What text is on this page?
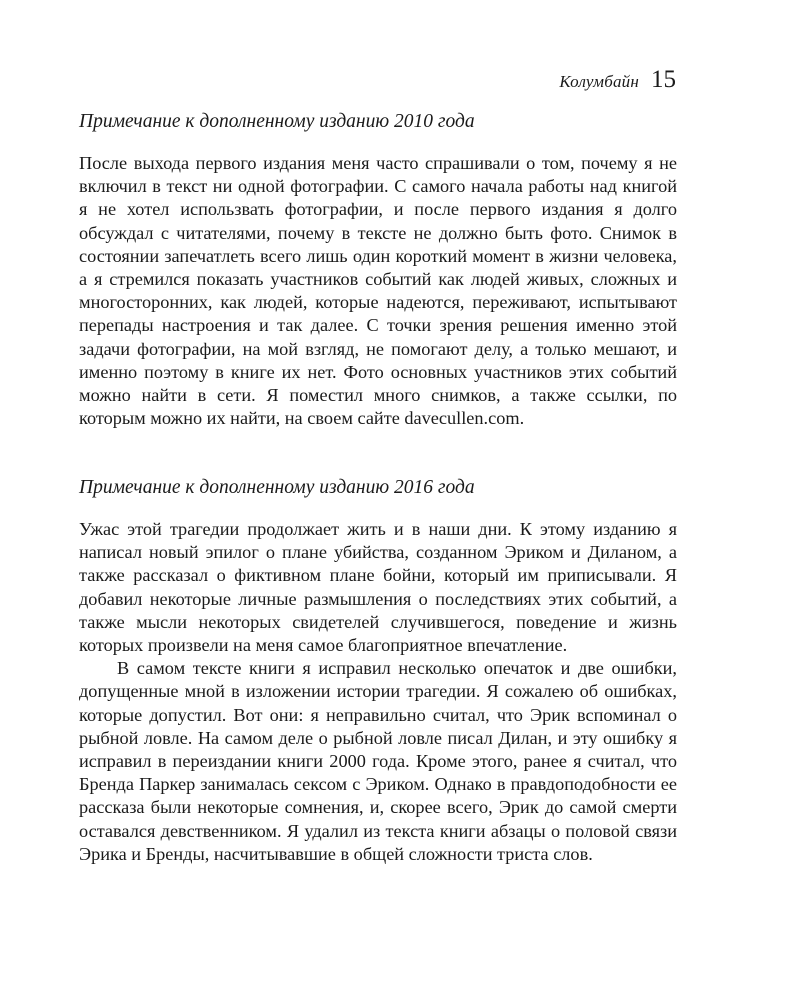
Колумбайн 15
Примечание к дополненному изданию 2010 года

После выхода первого издания меня часто спрашивали о том, почему я не включил в текст ни одной фотографии. С самого начала работы над книгой я не хотел использвать фотографии, и после первого издания я долго обсуждал с читателями, почему в тексте не должно быть фото. Снимок в состоянии запечатлеть всего лишь один короткий момент в жизни человека, а я стремился показать участников событий как людей живых, сложных и многосторонних, как людей, которые надеются, переживают, испытывают перепады настроения и так далее. С точки зрения решения именно этой задачи фотографии, на мой взгляд, не помогают делу, а только мешают, и именно поэтому в книге их нет. Фото основных участников этих событий можно найти в сети. Я поместил много снимков, а также ссылки, по которым можно их найти, на своем сайте davecullen.com.

Примечание к дополненному изданию 2016 года

Ужас этой трагедии продолжает жить и в наши дни. К этому изданию я написал новый эпилог о плане убийства, созданном Эриком и Диланом, а также рассказал о фиктивном плане бойни, который им приписывали. Я добавил некоторые личные размышления о последствиях этих событий, а также мысли некоторых свидетелей случившегося, поведение и жизнь которых произвели на меня самое благоприятное впечатление.

В самом тексте книги я исправил несколько опечаток и две ошибки, допущенные мной в изложении истории трагедии. Я сожалею об ошибках, которые допустил. Вот они: я неправильно считал, что Эрик вспоминал о рыбной ловле. На самом деле о рыбной ловле писал Дилан, и эту ошибку я исправил в переиздании книги 2000 года. Кроме этого, ранее я считал, что Бренда Паркер занималась сексом с Эриком. Однако в правдоподобности ее рассказа были некоторые сомнения, и, скорее всего, Эрик до самой смерти оставался девственником. Я удалил из текста книги абзацы о половой связи Эрика и Бренды, насчитывавшие в общей сложности триста слов.
